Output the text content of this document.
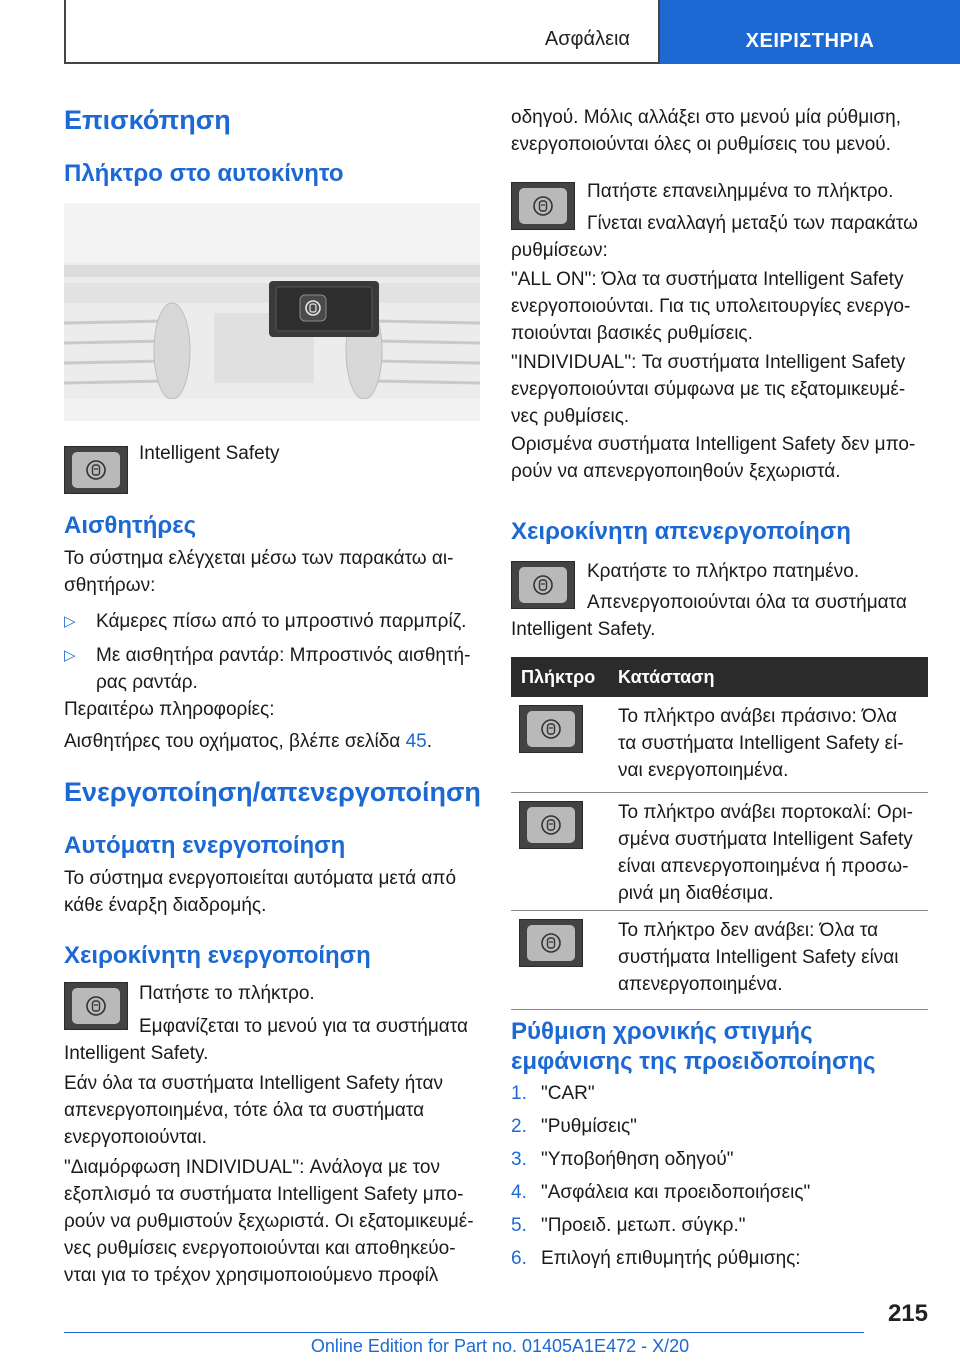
Ασφάλεια	ΧΕΙΡΙΣΤΗΡΙΑ
Επισκόπηση
Πλήκτρο στο αυτοκίνητο
Intelligent Safety
Αισθητήρες
Το σύστημα ελέγχεται μέσω των παρακάτω αι-
σθητήρων:
▷ Κάμερες πίσω από το μπροστινό παρμπρίζ.
▷ Με αισθητήρα ραντάρ: Μπροστινός αισθητή-
ρας ραντάρ.
Περαιτέρω πληροφορίες:
Αισθητήρες του οχήματος, βλέπε σελίδα 45.
Ενεργοποίηση/απενεργοποίηση
Αυτόματη ενεργοποίηση
Το σύστημα ενεργοποιείται αυτόματα μετά από
κάθε έναρξη διαδρομής.
Χειροκίνητη ενεργοποίηση
Πατήστε το πλήκτρο.
Εμφανίζεται το μενού για τα συστήματα
Intelligent Safety.
Εάν όλα τα συστήματα Intelligent Safety ήταν
απενεργοποιημένα, τότε όλα τα συστήματα
ενεργοποιούνται.
"Διαμόρφωση INDIVIDUAL": Ανάλογα με τον
εξοπλισμό τα συστήματα Intelligent Safety μπο-
ρούν να ρυθμιστούν ξεχωριστά. Οι εξατομικευμέ-
νες ρυθμίσεις ενεργοποιούνται και αποθηκεύο-
νται για το τρέχον χρησιμοποιούμενο προφίλ
οδηγού. Μόλις αλλάξει στο μενού μία ρύθμιση,
ενεργοποιούνται όλες οι ρυθμίσεις του μενού.
Πατήστε επανειλημμένα το πλήκτρο.
Γίνεται εναλλαγή μεταξύ των παρακάτω
ρυθμίσεων:
"ALL ON": Όλα τα συστήματα Intelligent Safety
ενεργοποιούνται. Για τις υπολειτουργίες ενεργο-
ποιούνται βασικές ρυθμίσεις.
"INDIVIDUAL": Τα συστήματα Intelligent Safety
ενεργοποιούνται σύμφωνα με τις εξατομικευμέ-
νες ρυθμίσεις.
Ορισμένα συστήματα Intelligent Safety δεν μπο-
ρούν να απενεργοποιηθούν ξεχωριστά.
Χειροκίνητη απενεργοποίηση
Κρατήστε το πλήκτρο πατημένο.
Απενεργοποιούνται όλα τα συστήματα
Intelligent Safety.
Πλήκτρο Κατάσταση
Το πλήκτρο ανάβει πράσινο: Όλα
τα συστήματα Intelligent Safety εί-
ναι ενεργοποιημένα.
Το πλήκτρο ανάβει πορτοκαλί: Ορι-
σμένα συστήματα Intelligent Safety
είναι απενεργοποιημένα ή προσω-
ρινά μη διαθέσιμα.
Το πλήκτρο δεν ανάβει: Όλα τα
συστήματα Intelligent Safety είναι
απενεργοποιημένα.
Ρύθμιση χρονικής στιγμής
εμφάνισης της προειδοποίησης
1. "CAR"
2. "Ρυθμίσεις"
3. "Υποβοήθηση οδηγού"
4. "Ασφάλεια και προειδοποιήσεις"
5. "Προειδ. μετωπ. σύγκρ."
6. Επιλογή επιθυμητής ρύθμισης:
215
Online Edition for Part no. 01405A1E472 - X/20
